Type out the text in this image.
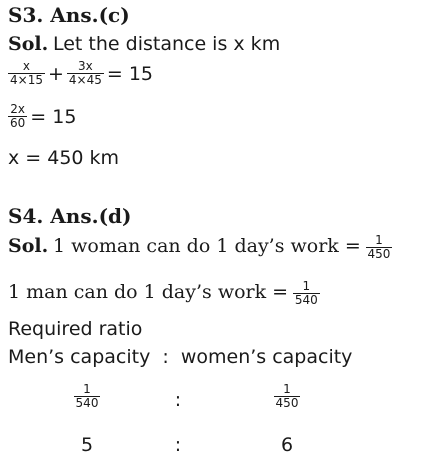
S3. Ans.(c)
Sol. Let the distance is x km
$\frac{x}{4\times 15} + \frac{3x}{4\times 45} = 15$
$\frac{2x}{60} = 15$
x = 450 km
S4. Ans.(d)
Sol. 1 woman can do 1 day’s work = $\frac{1}{450}$
1 man can do 1 day’s work = $\frac{1}{540}$
Required ratio
Men’s capacity : women’s capacity
$\frac{1}{540}$	:	$\frac{1}{450}$
5	:	6
